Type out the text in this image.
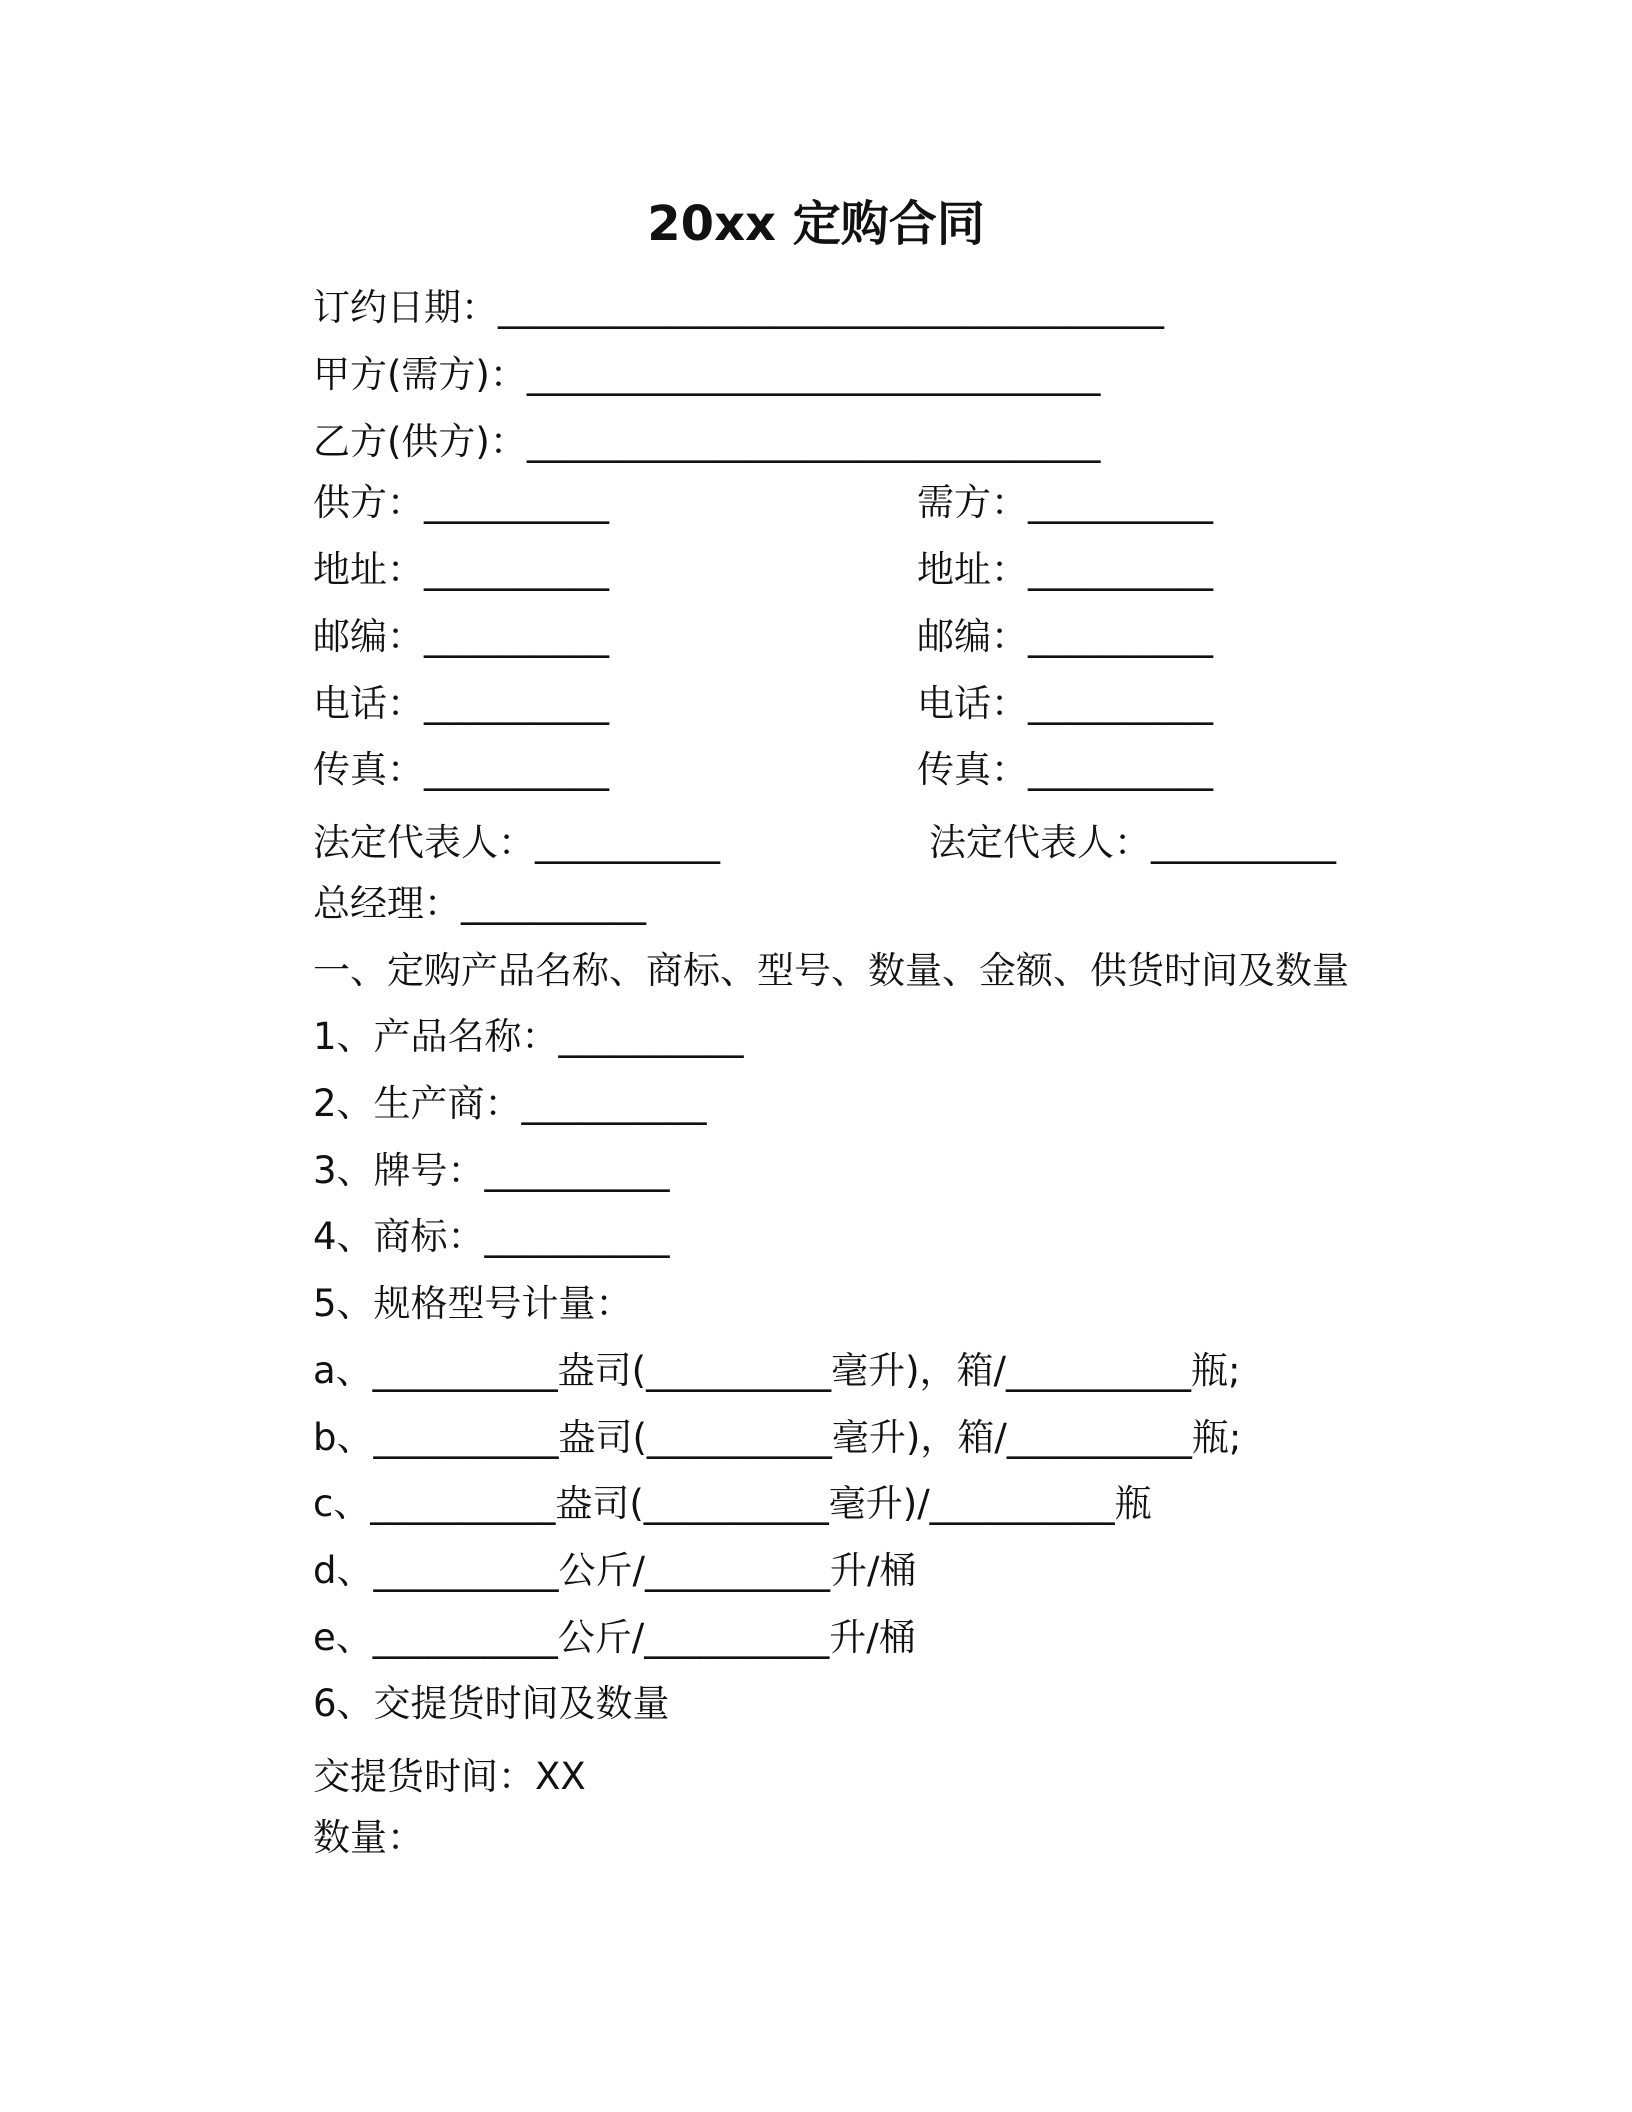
20xx 定购合同
订约日期：____________________________________
甲方(需方)：_______________________________
乙方(供方)：_______________________________
供方：__________	需方：__________
地址：__________	地址：__________
邮编：__________	邮编：__________
电话：__________	电话：__________
传真：__________	传真：__________
法定代表人：__________	法定代表人：__________
总经理：__________
一、定购产品名称、商标、型号、数量、金额、供货时间及数量
1、产品名称：__________
2、生产商：__________
3、牌号：__________
4、商标：__________
5、规格型号计量：
a、__________盎司(__________毫升)，箱/__________瓶;
b、__________盎司(__________毫升)，箱/__________瓶;
c、__________盎司(__________毫升)/__________瓶
d、__________公斤/__________升/桶
e、__________公斤/__________升/桶
6、交提货时间及数量
交提货时间：XX
数量：
